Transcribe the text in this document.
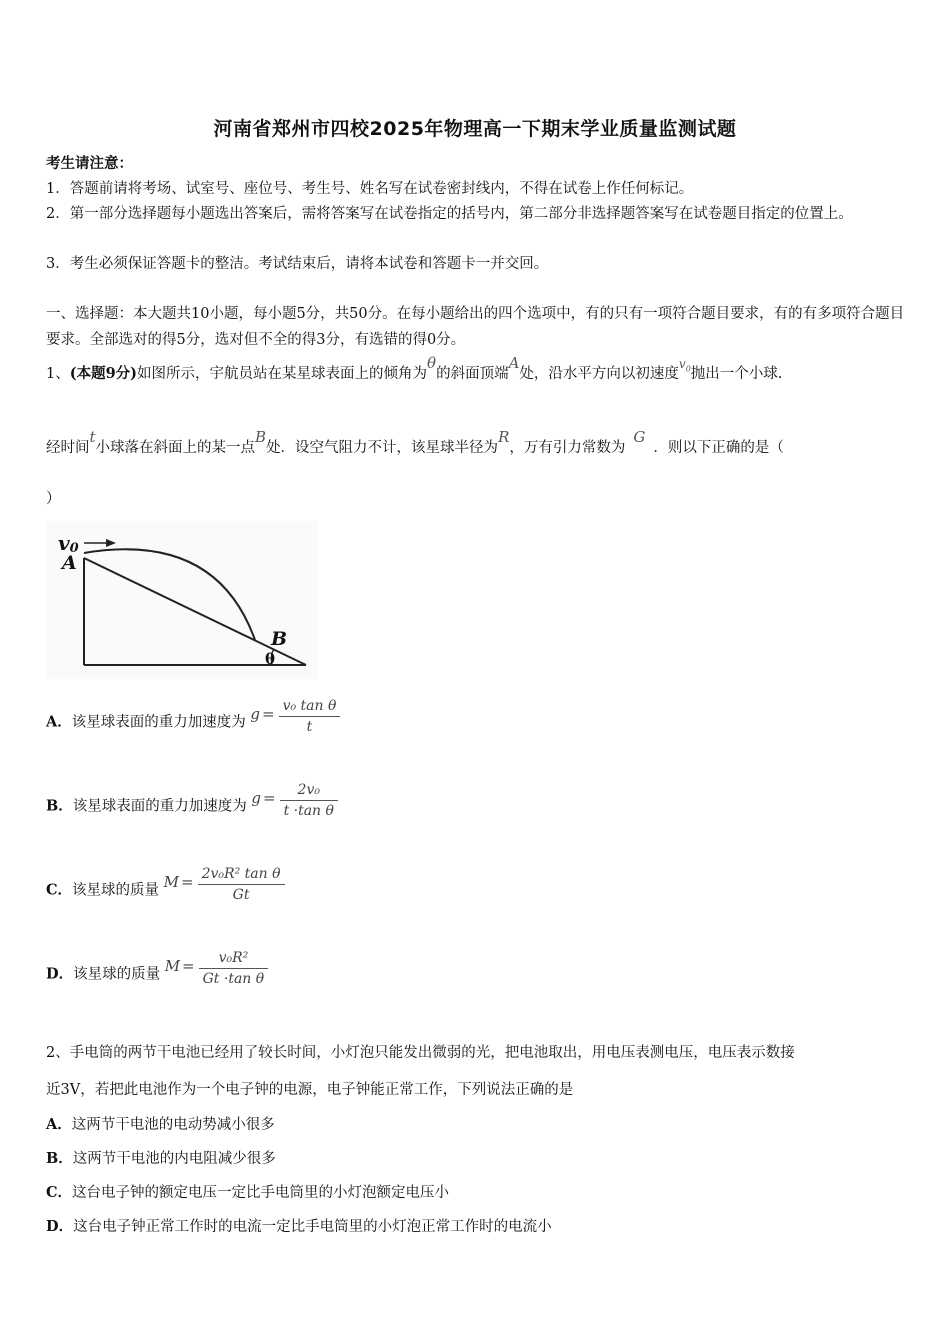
河南省郑州市四校2025年物理高一下期末学业质量监测试题
考生请注意：
1．答题前请将考场、试室号、座位号、考生号、姓名写在试卷密封线内，不得在试卷上作任何标记。
2．第一部分选择题每小题选出答案后，需将答案写在试卷指定的括号内，第二部分非选择题答案写在试卷题目指定的位置上。
3．考生必须保证答题卡的整洁。考试结束后，请将本试卷和答题卡一并交回。
一、选择题：本大题共10小题，每小题5分，共50分。在每小题给出的四个选项中，有的只有一项符合题目要求，有的有多项符合题目要求。全部选对的得5分，选对但不全的得3分，有选错的得0分。
1、(本题9分)如图所示，宇航员站在某星球表面上的倾角为θ的斜面顶端A处，沿水平方向以初速度$^{v_0}$抛出一个小球.
经时间t小球落在斜面上的某一点B处．设空气阻力不计，该星球半径为R，万有引力常数为G．则以下正确的是（
）
v0
A
B
θ
A．该星球表面的重力加速度为 $g = \frac{\text{v₀ tan θ}}{t}$
B．该星球表面的重力加速度为 $g = \frac{\text{2v₀}}{\text{t ·tan θ}}$
C．该星球的质量 $M = \frac{\text{2v₀R² tan θ}}{Gt}$
D．该星球的质量 $M = \frac{\text{v₀R²}}{\text{Gt ·tan θ}}$
2、手电筒的两节干电池已经用了较长时间，小灯泡只能发出微弱的光，把电池取出，用电压表测电压，电压表示数接
近3V，若把此电池作为一个电子钟的电源，电子钟能正常工作，下列说法正确的是
A．这两节干电池的电动势减小很多
B．这两节干电池的内电阻减少很多
C．这台电子钟的额定电压一定比手电筒里的小灯泡额定电压小
D．这台电子钟正常工作时的电流一定比手电筒里的小灯泡正常工作时的电流小
